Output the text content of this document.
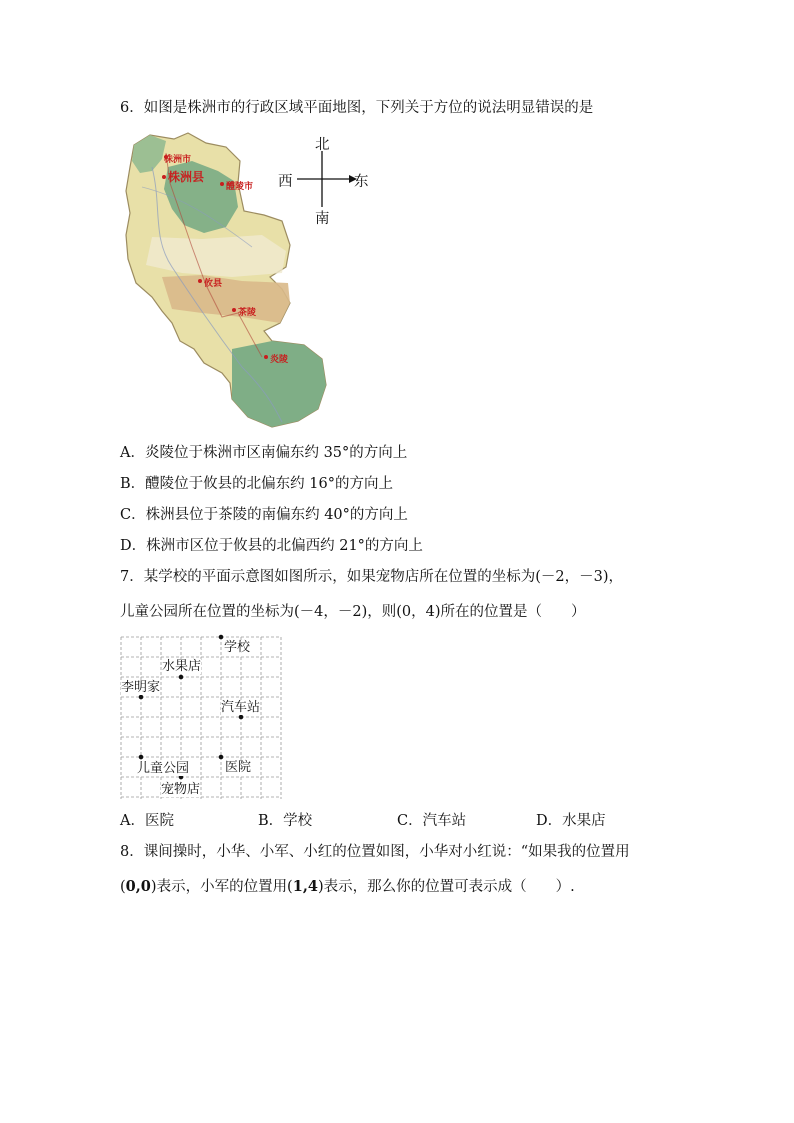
6．如图是株洲市的行政区域平面地图，下列关于方位的说法明显错误的是
株洲市
株洲县
醴陵市
攸县
茶陵
炎陵
北
南
西	东
A．炎陵位于株洲市区南偏东约 35°的方向上
B．醴陵位于攸县的北偏东约 16°的方向上
C．株洲县位于茶陵的南偏东约 40°的方向上
D．株洲市区位于攸县的北偏西约 21°的方向上
7．某学校的平面示意图如图所示，如果宠物店所在位置的坐标为(－2，－3)，
儿童公园所在位置的坐标为(－4，－2)，则(0，4)所在的位置是（　　）
学校
水果店
李明家
汽车站
儿童公园	医院
宠物店
A．医院	B．学校	C．汽车站	D．水果店
8．课间操时，小华、小军、小红的位置如图，小华对小红说：“如果我的位置用
(0,0)表示，小军的位置用(1,4)表示，那么你的位置可表示成（　　）.
